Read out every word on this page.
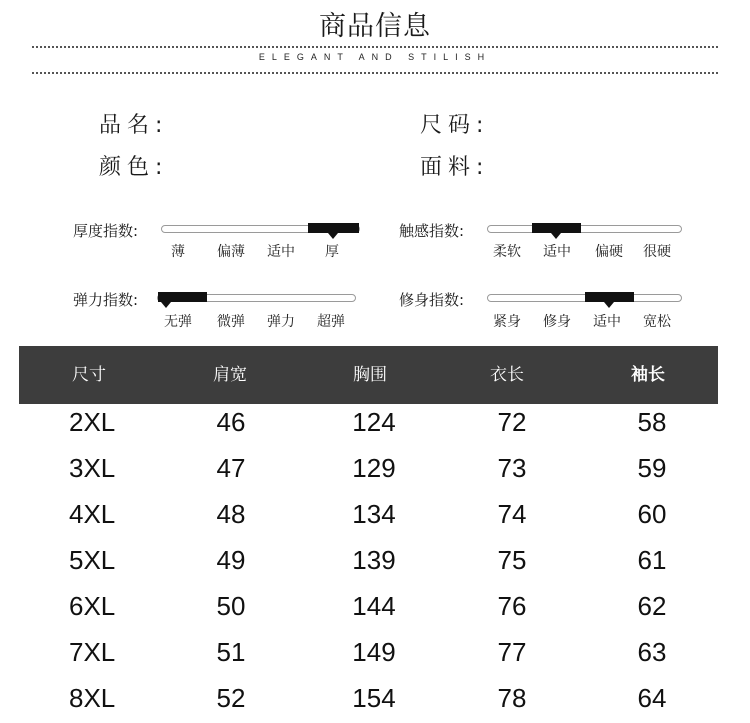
商品信息
ELEGANT AND STILISH
品名:	尺码:
颜色:	面料:
厚度指数:
薄 偏薄 适中 厚
触感指数:
柔软 适中 偏硬 很硬
弹力指数:
无弹 微弹 弹力 超弹
修身指数:
紧身 修身 适中 宽松
尺寸	肩宽	胸围	衣长	袖长
2XL	46	124	72	58
3XL	47	129	73	59
4XL	48	134	74	60
5XL	49	139	75	61
6XL	50	144	76	62
7XL	51	149	77	63
8XL	52	154	78	64
